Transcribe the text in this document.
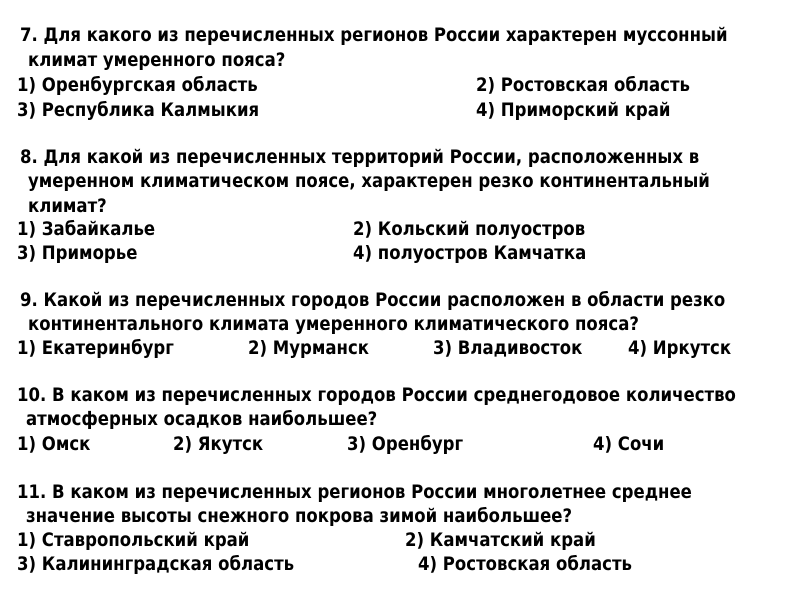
7. Для какого из перечисленных регионов России характерен муссонный
климат умеренного пояса?
1) Оренбургская область	2) Ростовская область
3) Республика Калмыкия	4) Приморский край
8. Для какой из перечисленных территорий России, расположенных в
умеренном климатическом поясе, характерен резко континентальный
климат?
1) Забайкалье	2) Кольский полуостров
3) Приморье	4) полуостров Камчатка
9. Какой из перечисленных городов России расположен в области резко
континентального климата умеренного климатического пояса?
1) Екатеринбург	2) Мурманск	3) Владивосток 4) Иркутск
10. В каком из перечисленных городов России среднегодовое количество
атмосферных осадков наибольшее?
1) Омск	2) Якутск	3) Оренбург	4) Сочи
11. В каком из перечисленных регионов России многолетнее среднее
значение высоты снежного покрова зимой наибольшее?
1) Ставропольский край	2) Камчатский край
3) Калининградская область	4) Ростовская область
